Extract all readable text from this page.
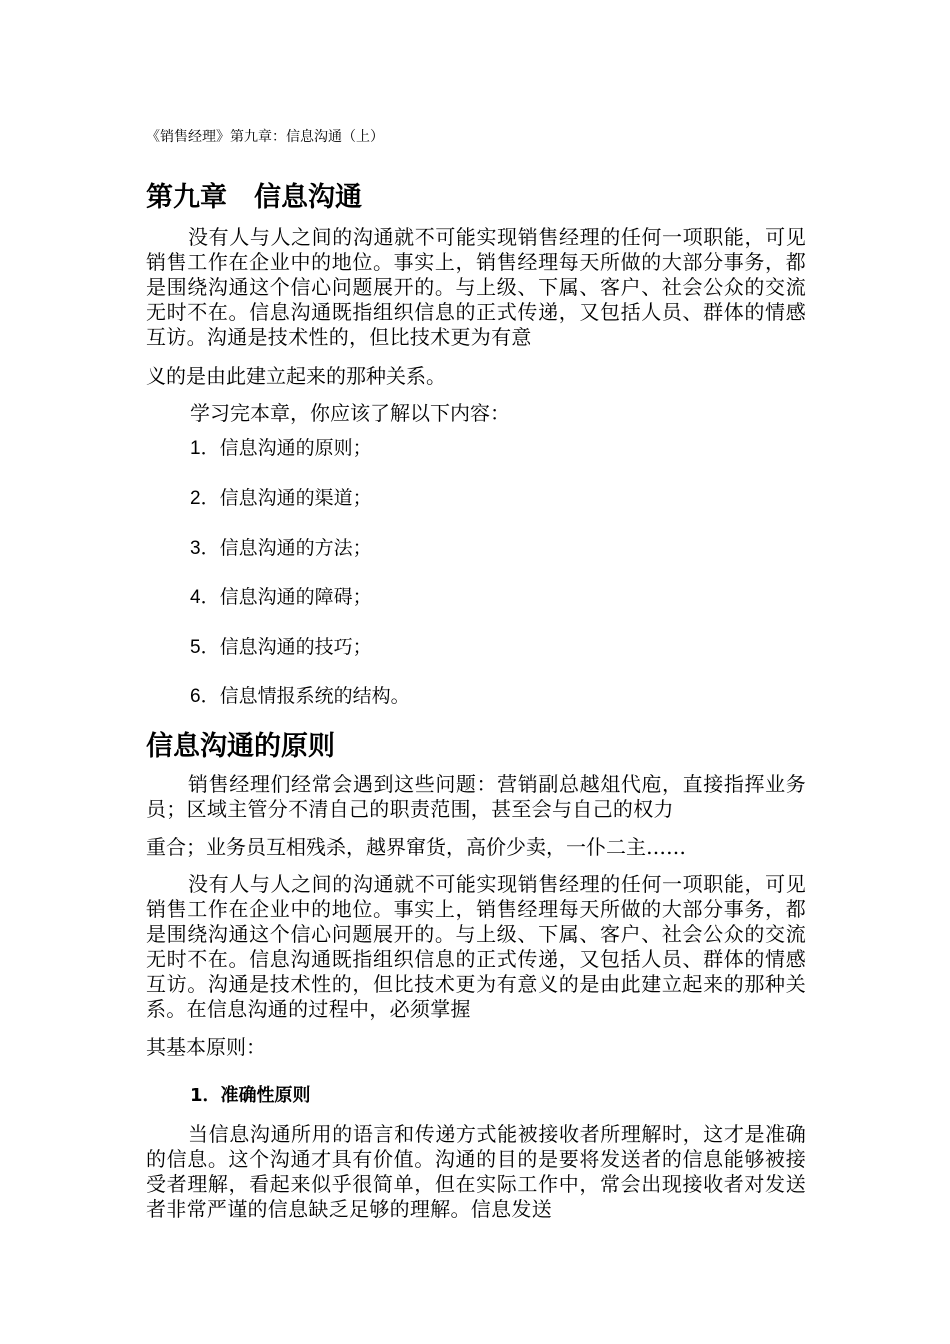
《销售经理》第九章：信息沟通（上）
第九章　信息沟通

没有人与人之间的沟通就不可能实现销售经理的任何一项职能，可见销售工作在企业中的地位。事实上，销售经理每天所做的大部分事务，都是围绕沟通这个信心问题展开的。与上级、下属、客户、社会公众的交流无时不在。信息沟通既指组织信息的正式传递，又包括人员、群体的情感互访。沟通是技术性的，但比技术更为有意

义的是由此建立起来的那种关系。
学习完本章，你应该了解以下内容：
1．信息沟通的原则；
2．信息沟通的渠道；
3．信息沟通的方法；
4．信息沟通的障碍；
5．信息沟通的技巧；
6．信息情报系统的结构。
信息沟通的原则

销售经理们经常会遇到这些问题：营销副总越俎代庖，直接指挥业务员；区域主管分不清自己的职责范围，甚至会与自己的权力

重合；业务员互相残杀，越界窜货，高价少卖，一仆二主……

没有人与人之间的沟通就不可能实现销售经理的任何一项职能，可见销售工作在企业中的地位。事实上，销售经理每天所做的大部分事务，都是围绕沟通这个信心问题展开的。与上级、下属、客户、社会公众的交流无时不在。信息沟通既指组织信息的正式传递，又包括人员、群体的情感互访。沟通是技术性的，但比技术更为有意义的是由此建立起来的那种关系。在信息沟通的过程中，必须掌握

其基本原则：
1．准确性原则

当信息沟通所用的语言和传递方式能被接收者所理解时，这才是准确的信息。这个沟通才具有价值。沟通的目的是要将发送者的信息能够被接受者理解，看起来似乎很简单，但在实际工作中，常会出现接收者对发送者非常严谨的信息缺乏足够的理解。信息发送
